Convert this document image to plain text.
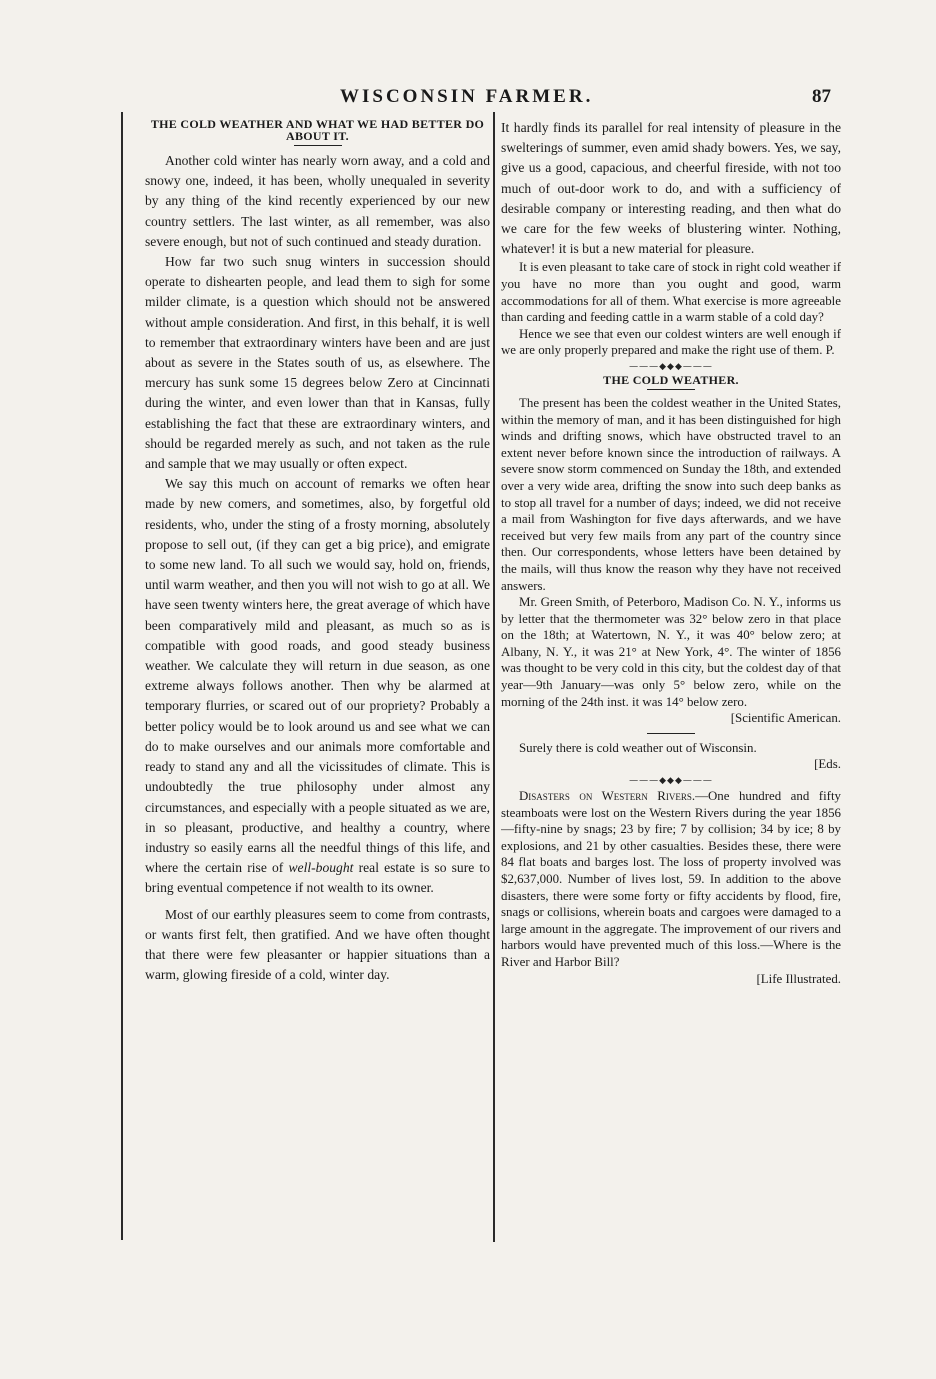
WISCONSIN FARMER.	87
THE COLD WEATHER AND WHAT WE HAD BETTER DO ABOUT IT.

Another cold winter has nearly worn away, and a cold and snowy one, indeed, it has been, wholly unequaled in severity by any thing of the kind recently experienced by our new country settlers. The last winter, as all remember, was also severe enough, but not of such continued and steady duration.

How far two such snug winters in succession should operate to dishearten people, and lead them to sigh for some milder climate, is a question which should not be answered without ample consideration. And first, in this behalf, it is well to remember that extraordinary winters have been and are just about as severe in the States south of us, as elsewhere. The mercury has sunk some 15 degrees below Zero at Cincinnati during the winter, and even lower than that in Kansas, fully establishing the fact that these are extraordinary winters, and should be regarded merely as such, and not taken as the rule and sample that we may usually or often expect.

We say this much on account of remarks we often hear made by new comers, and sometimes, also, by forgetful old residents, who, under the sting of a frosty morning, absolutely propose to sell out, (if they can get a big price), and emigrate to some new land. To all such we would say, hold on, friends, until warm weather, and then you will not wish to go at all. We have seen twenty winters here, the great average of which have been comparatively mild and pleasant, as much so as is compatible with good roads, and good steady business weather. We calculate they will return in due season, as one extreme always follows another. Then why be alarmed at temporary flurries, or scared out of our propriety? Probably a better policy would be to look around us and see what we can do to make ourselves and our animals more comfortable and ready to stand any and all the vicissitudes of climate. This is undoubtedly the true philosophy under almost any circumstances, and especially with a people situated as we are, in so pleasant, productive, and healthy a country, where industry so easily earns all the needful things of this life, and where the certain rise of well-bought real estate is so sure to bring eventual competence if not wealth to its owner.

Most of our earthly pleasures seem to come from contrasts, or wants first felt, then gratified. And we have often thought that there were few pleasanter or happier situations than a warm, glowing fireside of a cold, winter day.

It hardly finds its parallel for real intensity of pleasure in the swelterings of summer, even amid shady bowers. Yes, we say, give us a good, capacious, and cheerful fireside, with not too much of out-door work to do, and with a sufficiency of desirable company or interesting reading, and then what do we care for the few weeks of blustering winter. Nothing, whatever! it is but a new material for pleasure.

It is even pleasant to take care of stock in right cold weather if you have no more than you ought and good, warm accommodations for all of them. What exercise is more agreeable than carding and feeding cattle in a warm stable of a cold day?

Hence we see that even our coldest winters are well enough if we are only properly prepared and make the right use of them. P.

———◆◆◆———
THE COLD WEATHER.

The present has been the coldest weather in the United States, within the memory of man, and it has been distinguished for high winds and drifting snows, which have obstructed travel to an extent never before known since the introduction of railways. A severe snow storm commenced on Sunday the 18th, and extended over a very wide area, drifting the snow into such deep banks as to stop all travel for a number of days; indeed, we did not receive a mail from Washington for five days afterwards, and we have received but very few mails from any part of the country since then. Our correspondents, whose letters have been detained by the mails, will thus know the reason why they have not received answers.

Mr. Green Smith, of Peterboro, Madison Co. N. Y., informs us by letter that the thermometer was 32° below zero in that place on the 18th; at Watertown, N. Y., it was 40° below zero; at Albany, N. Y., it was 21° at New York, 4°. The winter of 1856 was thought to be very cold in this city, but the coldest day of that year—9th January—was only 5° below zero, while on the morning of the 24th inst. it was 14° below zero.

[Scientific American.

Surely there is cold weather out of Wisconsin.

[Eds.

———◆◆◆———

Disasters on Western Rivers.—One hundred and fifty steamboats were lost on the Western Rivers during the year 1856—fifty-nine by snags; 23 by fire; 7 by collision; 34 by ice; 8 by explosions, and 21 by other casualties. Besides these, there were 84 flat boats and barges lost. The loss of property involved was $2,637,000. Number of lives lost, 59. In addition to the above disasters, there were some forty or fifty accidents by flood, fire, snags or collisions, wherein boats and cargoes were damaged to a large amount in the aggregate. The improvement of our rivers and harbors would have prevented much of this loss.—Where is the River and Harbor Bill?

[Life Illustrated.
